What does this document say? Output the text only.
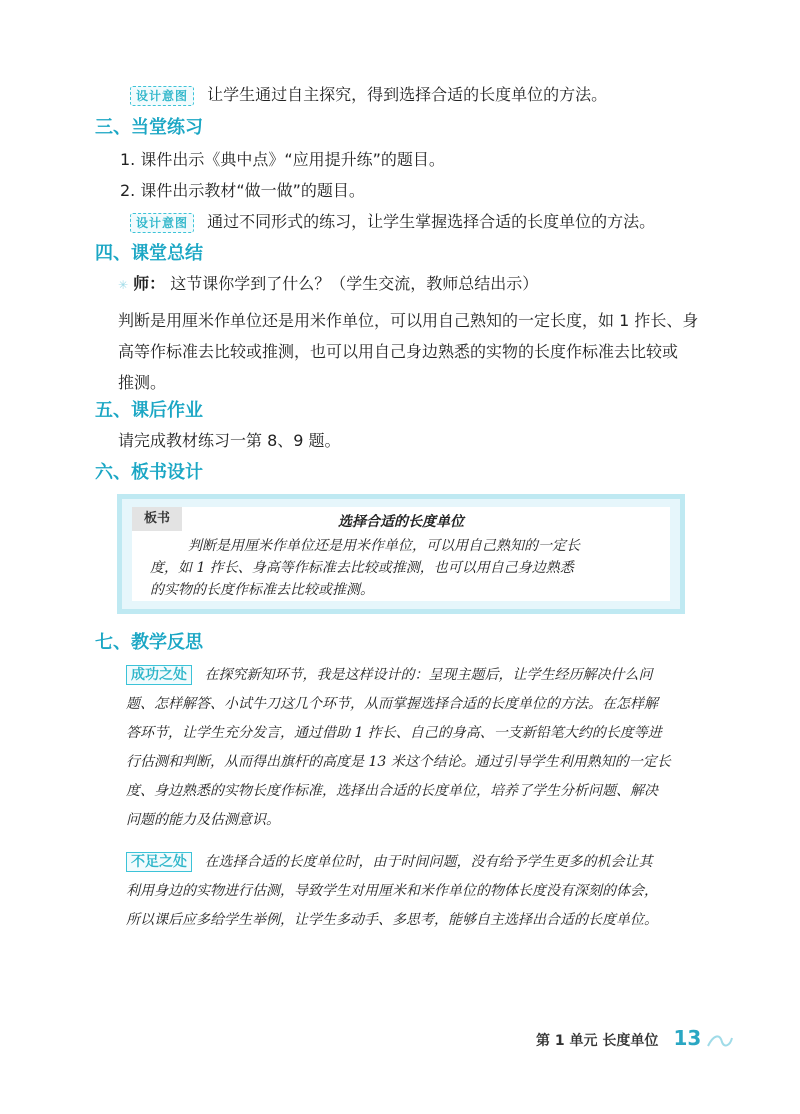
设计意图 让学生通过自主探究，得到选择合适的长度单位的方法。
三、当堂练习
1. 课件出示《典中点》“应用提升练”的题目。
2. 课件出示教材“做一做”的题目。
设计意图 通过不同形式的练习，让学生掌握选择合适的长度单位的方法。
四、课堂总结
✳ 师： 这节课你学到了什么？（学生交流，教师总结出示）
判断是用厘米作单位还是用米作单位，可以用自己熟知的一定长度，如 1 拃长、身
高等作标准去比较或推测，也可以用自己身边熟悉的实物的长度作标准去比较或
推测。
五、课后作业
请完成教材练习一第 8、9 题。
六、板书设计
板书	选择合适的长度单位
判断是用厘米作单位还是用米作单位，可以用自己熟知的一定长
度，如 1 拃长、身高等作标准去比较或推测，也可以用自己身边熟悉
的实物的长度作标准去比较或推测。
七、教学反思
成功之处 在探究新知环节，我是这样设计的：呈现主题后，让学生经历解决什么问
题、怎样解答、小试牛刀这几个环节，从而掌握选择合适的长度单位的方法。在怎样解
答环节，让学生充分发言，通过借助 1 拃长、自己的身高、一支新铅笔大约的长度等进
行估测和判断，从而得出旗杆的高度是 13 米这个结论。通过引导学生利用熟知的一定长
度、身边熟悉的实物长度作标准，选择出合适的长度单位，培养了学生分析问题、解决
问题的能力及估测意识。
不足之处 在选择合适的长度单位时，由于时间问题，没有给予学生更多的机会让其
利用身边的实物进行估测，导致学生对用厘米和米作单位的物体长度没有深刻的体会，
所以课后应多给学生举例，让学生多动手、多思考，能够自主选择出合适的长度单位。
第 1 单元 长度单位 13
